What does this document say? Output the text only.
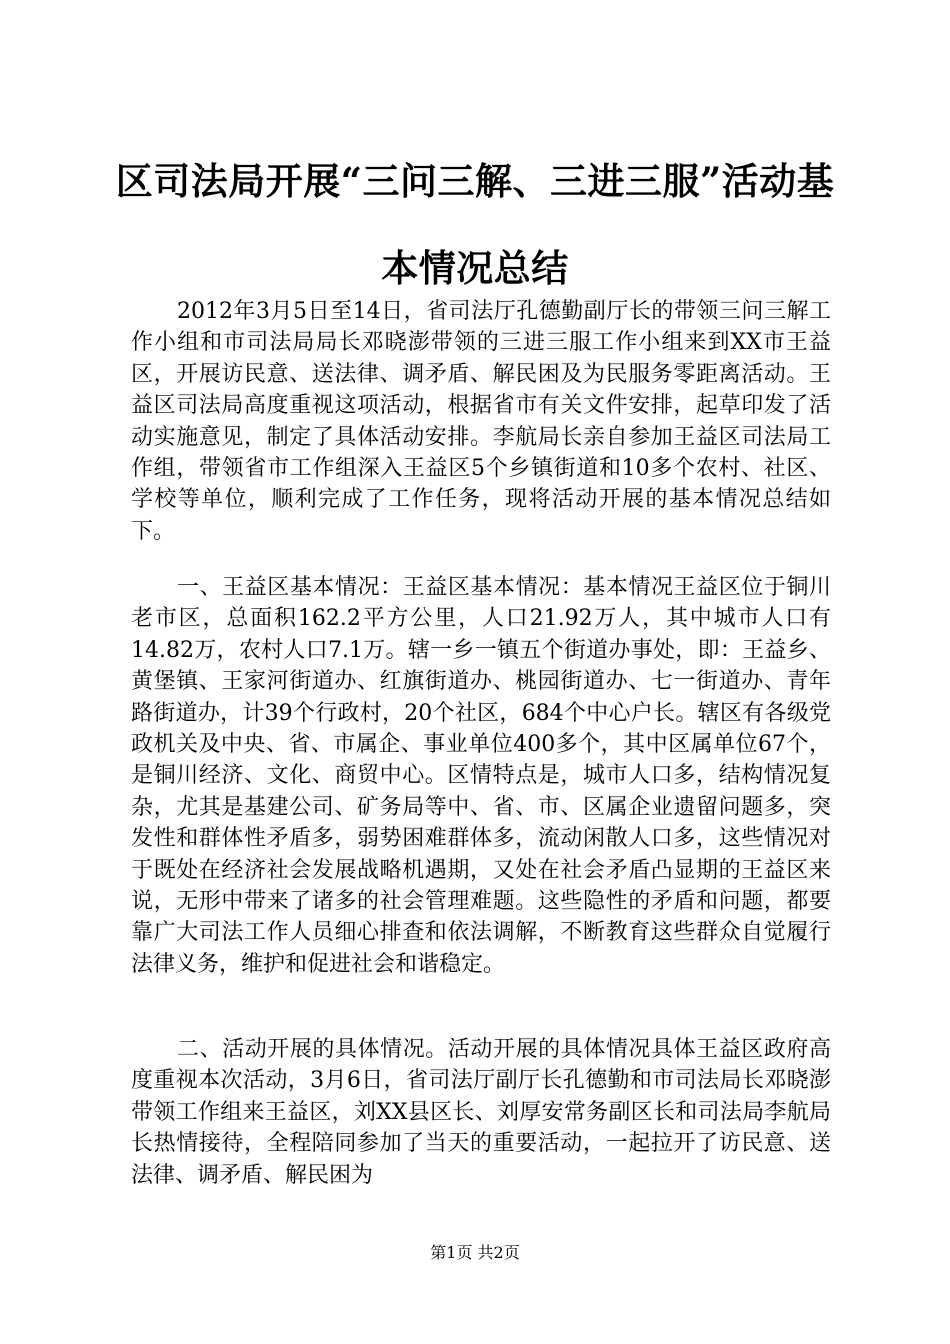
区司法局开展“三问三解、三进三服”活动基
本情况总结
2012年3月5日至14日，省司法厅孔德勤副厅长的带领三问三解工作小组和市司法局局长邓晓澎带领的三进三服工作小组来到XX市王益区，开展访民意、送法律、调矛盾、解民困及为民服务零距离活动。王益区司法局高度重视这项活动，根据省市有关文件安排，起草印发了活动实施意见，制定了具体活动安排。李航局长亲自参加王益区司法局工作组，带领省市工作组深入王益区5个乡镇街道和10多个农村、社区、学校等单位，顺利完成了工作任务，现将活动开展的基本情况总结如下。
一、王益区基本情况：王益区基本情况：基本情况王益区位于铜川老市区，总面积162.2平方公里，人口21.92万人，其中城市人口有14.82万，农村人口7.1万。辖一乡一镇五个街道办事处，即：王益乡、黄堡镇、王家河街道办、红旗街道办、桃园街道办、七一街道办、青年路街道办，计39个行政村，20个社区，684个中心户长。辖区有各级党政机关及中央、省、市属企、事业单位400多个，其中区属单位67个，是铜川经济、文化、商贸中心。区情特点是，城市人口多，结构情况复杂，尤其是基建公司、矿务局等中、省、市、区属企业遗留问题多，突发性和群体性矛盾多，弱势困难群体多，流动闲散人口多，这些情况对于既处在经济社会发展战略机遇期，又处在社会矛盾凸显期的王益区来说，无形中带来了诸多的社会管理难题。这些隐性的矛盾和问题，都要靠广大司法工作人员细心排查和依法调解，不断教育这些群众自觉履行法律义务，维护和促进社会和谐稳定。
二、活动开展的具体情况。活动开展的具体情况具体王益区政府高度重视本次活动，3月6日，省司法厅副厅长孔德勤和市司法局长邓晓澎带领工作组来王益区，刘XX县区长、刘厚安常务副区长和司法局李航局长热情接待，全程陪同参加了当天的重要活动，一起拉开了访民意、送法律、调矛盾、解民困为
第1页 共2页
